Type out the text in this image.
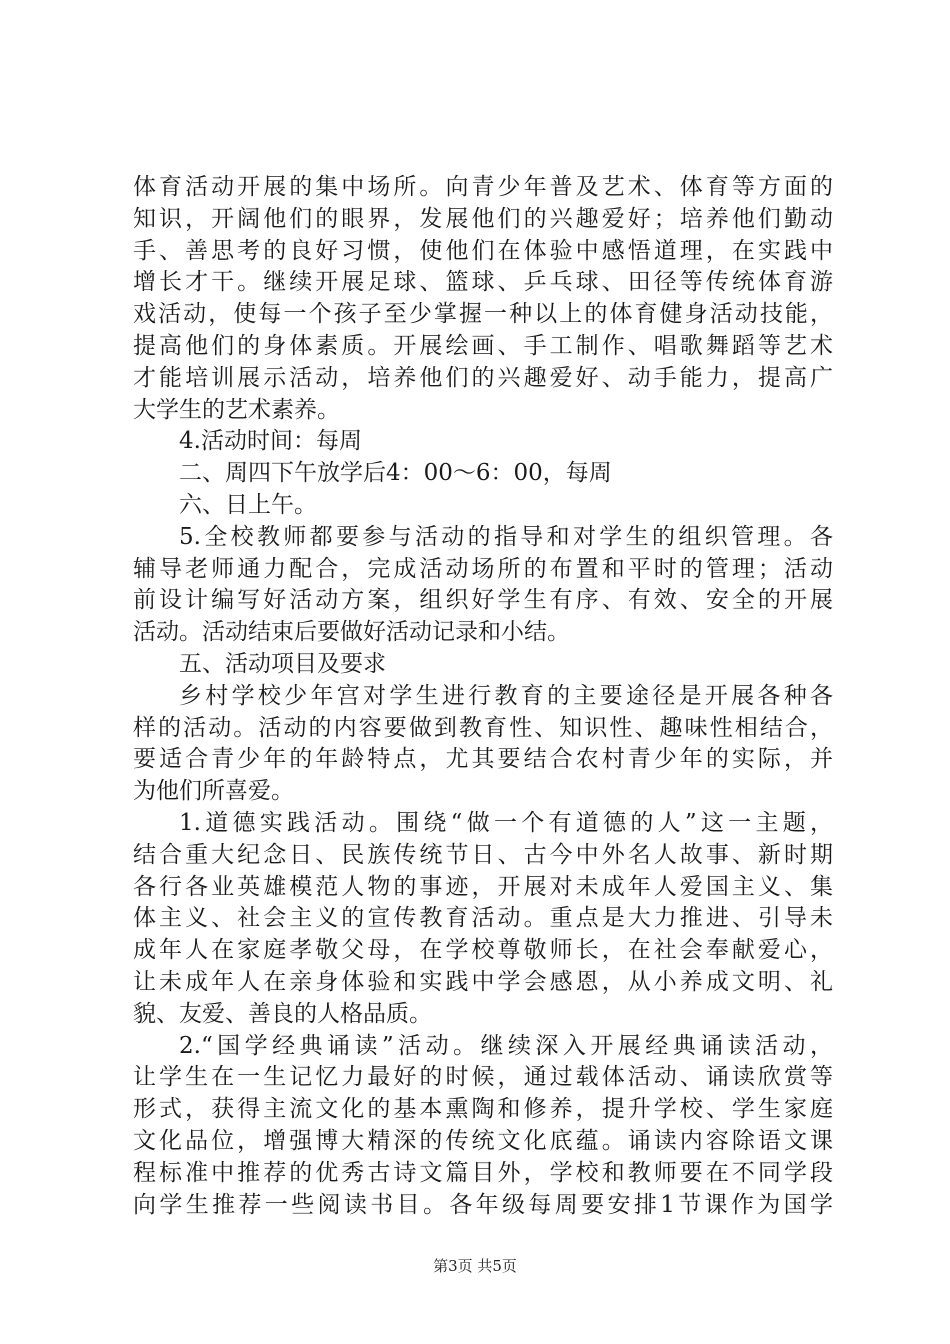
体育活动开展的集中场所。向青少年普及艺术、体育等方面的
知识，开阔他们的眼界，发展他们的兴趣爱好；培养他们勤动
手、善思考的良好习惯，使他们在体验中感悟道理，在实践中
增长才干。继续开展足球、篮球、乒乓球、田径等传统体育游
戏活动，使每一个孩子至少掌握一种以上的体育健身活动技能，
提高他们的身体素质。开展绘画、手工制作、唱歌舞蹈等艺术
才能培训展示活动，培养他们的兴趣爱好、动手能力，提高广
大学生的艺术素养。
4.活动时间：每周
二、周四下午放学后4：00～6：00，每周
六、日上午。
5.全校教师都要参与活动的指导和对学生的组织管理。各
辅导老师通力配合，完成活动场所的布置和平时的管理；活动
前设计编写好活动方案，组织好学生有序、有效、安全的开展
活动。活动结束后要做好活动记录和小结。
五、活动项目及要求
乡村学校少年宫对学生进行教育的主要途径是开展各种各
样的活动。活动的内容要做到教育性、知识性、趣味性相结合，
要适合青少年的年龄特点，尤其要结合农村青少年的实际，并
为他们所喜爱。
1.道德实践活动。围绕“做一个有道德的人”这一主题，
结合重大纪念日、民族传统节日、古今中外名人故事、新时期
各行各业英雄模范人物的事迹，开展对未成年人爱国主义、集
体主义、社会主义的宣传教育活动。重点是大力推进、引导未
成年人在家庭孝敬父母，在学校尊敬师长，在社会奉献爱心，
让未成年人在亲身体验和实践中学会感恩，从小养成文明、礼
貌、友爱、善良的人格品质。
2.“国学经典诵读”活动。继续深入开展经典诵读活动，
让学生在一生记忆力最好的时候，通过载体活动、诵读欣赏等
形式，获得主流文化的基本熏陶和修养，提升学校、学生家庭
文化品位，增强博大精深的传统文化底蕴。诵读内容除语文课
程标准中推荐的优秀古诗文篇目外，学校和教师要在不同学段
向学生推荐一些阅读书目。各年级每周要安排1节课作为国学
第3页 共5页
